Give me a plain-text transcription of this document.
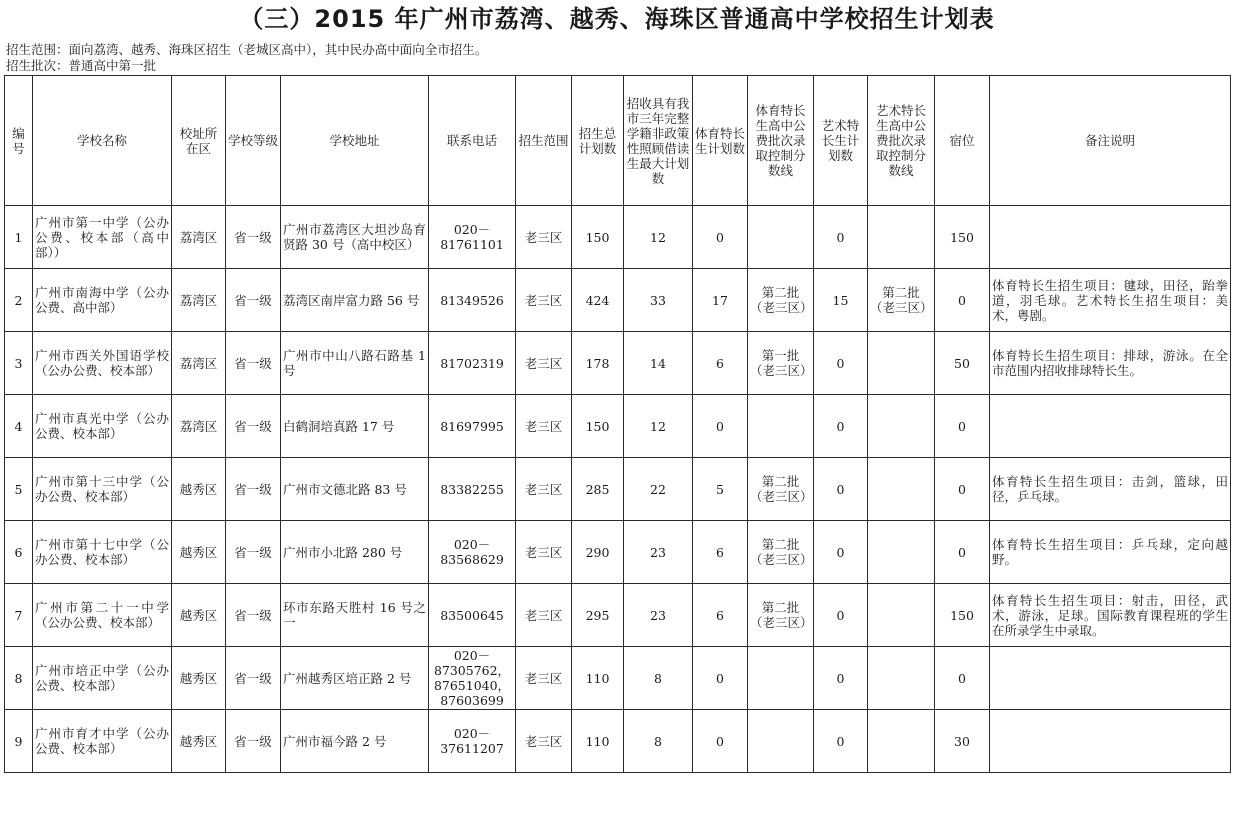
（三）2015 年广州市荔湾、越秀、海珠区普通高中学校招生计划表
招生范围：面向荔湾、越秀、海珠区招生（老城区高中），其中民办高中面向全市招生。
招生批次：普通高中第一批
编号	学校名称	校址所在区	学校等级	学校地址	联系电话	招生范围	招生总计划数	招收具有我市三年完整学籍非政策性照顾借读生最大计划数	体育特长生计划数	体育特长生高中公费批次录取控制分数线	艺术特长生计划数	艺术特长生高中公费批次录取控制分数线	宿位	备注说明
1	广州市第一中学（公办公费、校本部（高中部））	荔湾区	省一级	广州市荔湾区大坦沙岛育贤路 30 号（高中校区）	020－81761101	老三区	150	12	0		0		150	
2	广州市南海中学（公办公费、高中部）	荔湾区	省一级	荔湾区南岸富力路 56 号	81349526	老三区	424	33	17	第二批（老三区）	15	第二批（老三区）	0	体育特长生招生项目：毽球，田径，跆拳道，羽毛球。艺术特长生招生项目：美术，粤剧。
3	广州市西关外国语学校（公办公费、校本部）	荔湾区	省一级	广州市中山八路石路基 1 号	81702319	老三区	178	14	6	第一批（老三区）	0		50	体育特长生招生项目：排球，游泳。在全市范围内招收排球特长生。
4	广州市真光中学（公办公费、校本部）	荔湾区	省一级	白鹤洞培真路 17 号	81697995	老三区	150	12	0		0		0	
5	广州市第十三中学（公办公费、校本部）	越秀区	省一级	广州市文德北路 83 号	83382255	老三区	285	22	5	第二批（老三区）	0		0	体育特长生招生项目：击剑，篮球，田径，乒乓球。
6	广州市第十七中学（公办公费、校本部）	越秀区	省一级	广州市小北路 280 号	020－83568629	老三区	290	23	6	第二批（老三区）	0		0	体育特长生招生项目：乒乓球，定向越野。
7	广州市第二十一中学（公办公费、校本部）	越秀区	省一级	环市东路天胜村 16 号之一	83500645	老三区	295	23	6	第二批（老三区）	0		150	体育特长生招生项目：射击，田径，武术，游泳，足球。国际教育课程班的学生在所录学生中录取。
8	广州市培正中学（公办公费、校本部）	越秀区	省一级	广州越秀区培正路 2 号	020－87305762，87651040，87603699	老三区	110	8	0		0		0	
9	广州市育才中学（公办公费、校本部）	越秀区	省一级	广州市福今路 2 号	020－37611207	老三区	110	8	0		0		30	
